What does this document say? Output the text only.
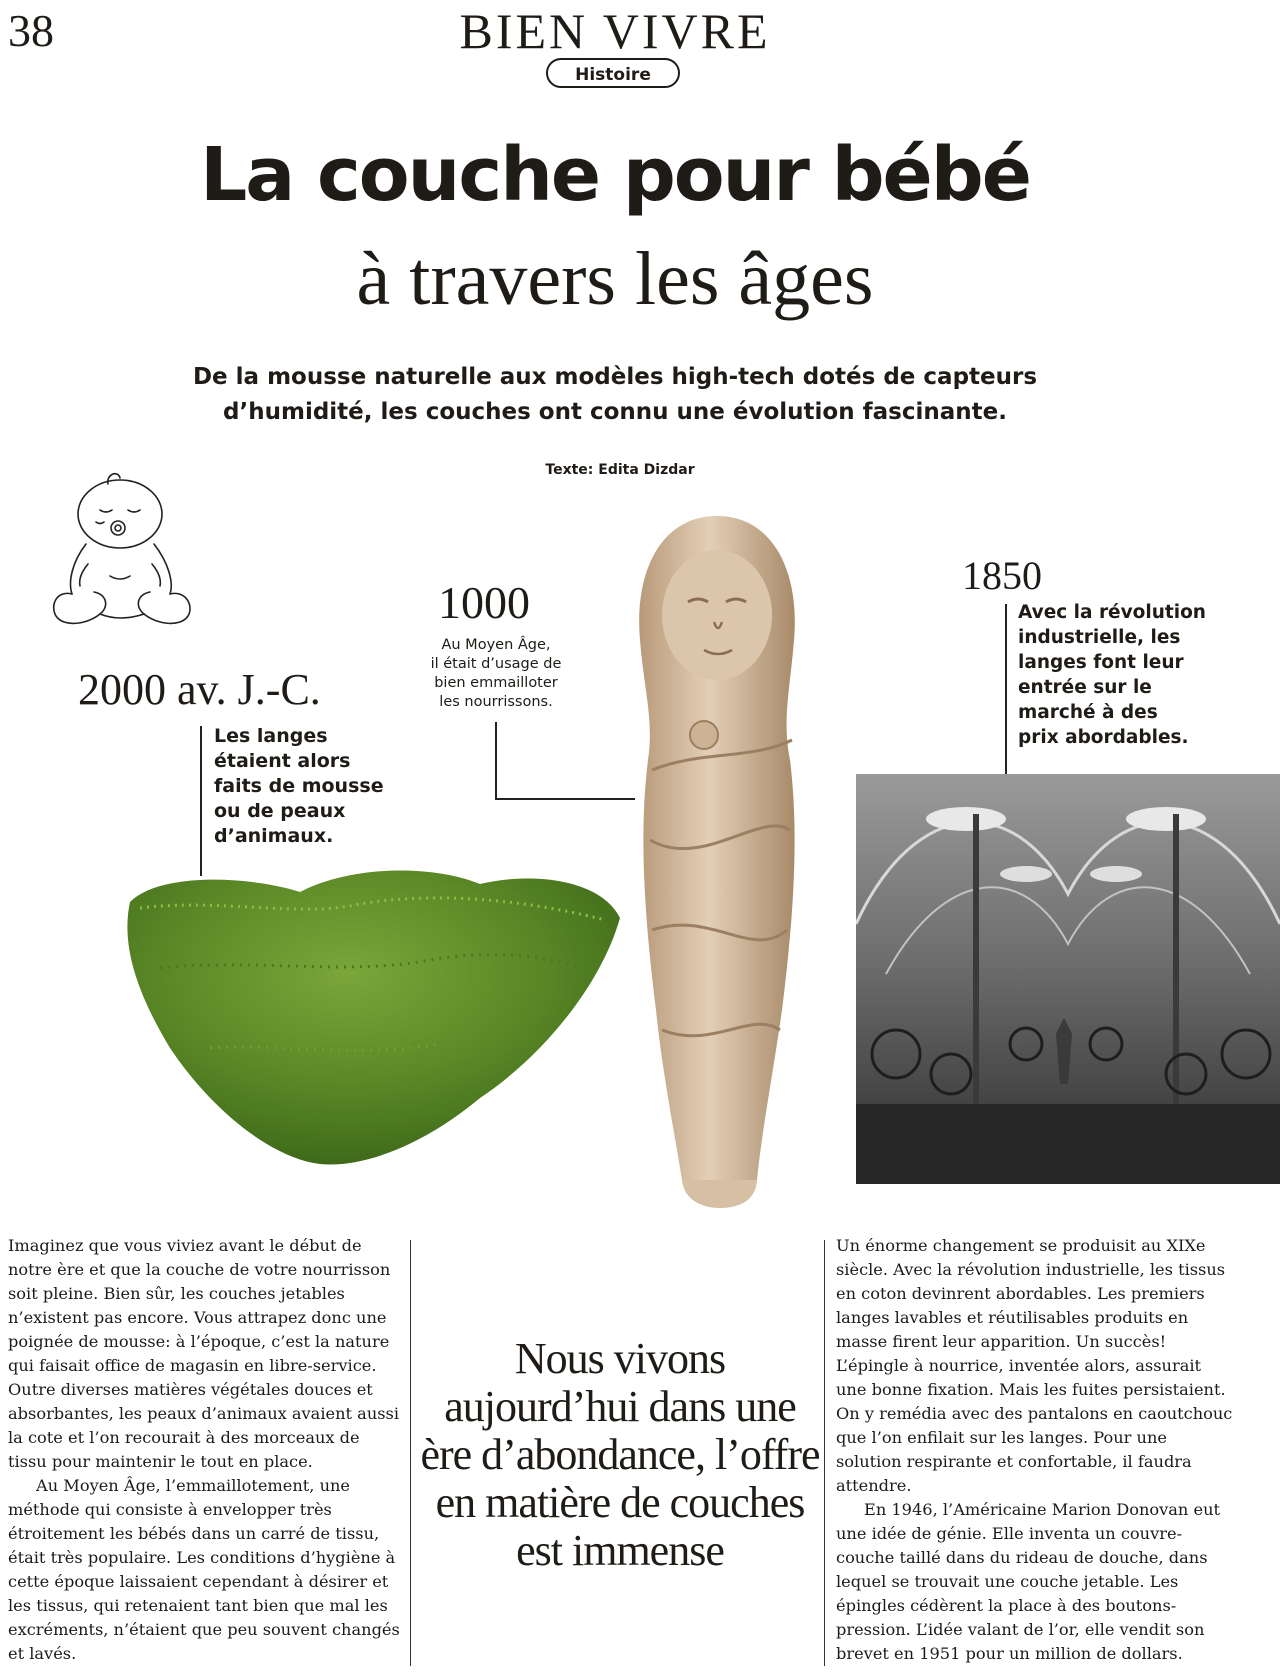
38	BIEN VIVRE
Histoire
La couche pour bébé
à travers les âges
De la mousse naturelle aux modèles high-tech dotés de capteurs
d’humidité, les couches ont connu une évolution fascinante.
Texte: Edita Dizdar
2000 av. J.-C.
Les langes
étaient alors
faits de mousse
ou de peaux
d’animaux.
1000
Au Moyen Âge,
il était d’usage de
bien emmailloter
les nourrissons.
1850
Avec la révolution
industrielle, les
langes font leur
entrée sur le
marché à des
prix abordables.

Imaginez que vous viviez avant le début de notre ère et que la couche de votre nourrisson soit pleine. Bien sûr, les couches jetables n’existent pas encore. Vous attrapez donc une poignée de mousse: à l’époque, c’est la nature qui faisait office de magasin en libre-service. Outre diverses matières végétales douces et absorbantes, les peaux d’animaux avaient aussi la cote et l’on recourait à des morceaux de tissu pour maintenir le tout en place.

Au Moyen Âge, l’emmaillotement, une méthode qui consiste à envelopper très étroitement les bébés dans un carré de tissu, était très populaire. Les conditions d’hygiène à cette époque laissaient cependant à désirer et les tissus, qui retenaient tant bien que mal les excréments, n’étaient que peu souvent changés et lavés.

Nous vivons aujourd’hui dans une ère d’abondance, l’offre en matière de couches est immense

Un énorme changement se produisit au XIXe siècle. Avec la révolution industrielle, les tissus en coton devinrent abordables. Les premiers langes lavables et réutilisables produits en masse firent leur apparition. Un succès! L’épingle à nourrice, inventée alors, assurait une bonne fixation. Mais les fuites persistaient. On y remédia avec des pantalons en caoutchouc que l’on enfilait sur les langes. Pour une solution respirante et confortable, il faudra attendre.

En 1946, l’Américaine Marion Donovan eut une idée de génie. Elle inventa un couvre-couche taillé dans du rideau de douche, dans lequel se trouvait une couche jetable. Les épingles cédèrent la place à des boutons-pression. L’idée valant de l’or, elle vendit son brevet en 1951 pour un million de dollars.
